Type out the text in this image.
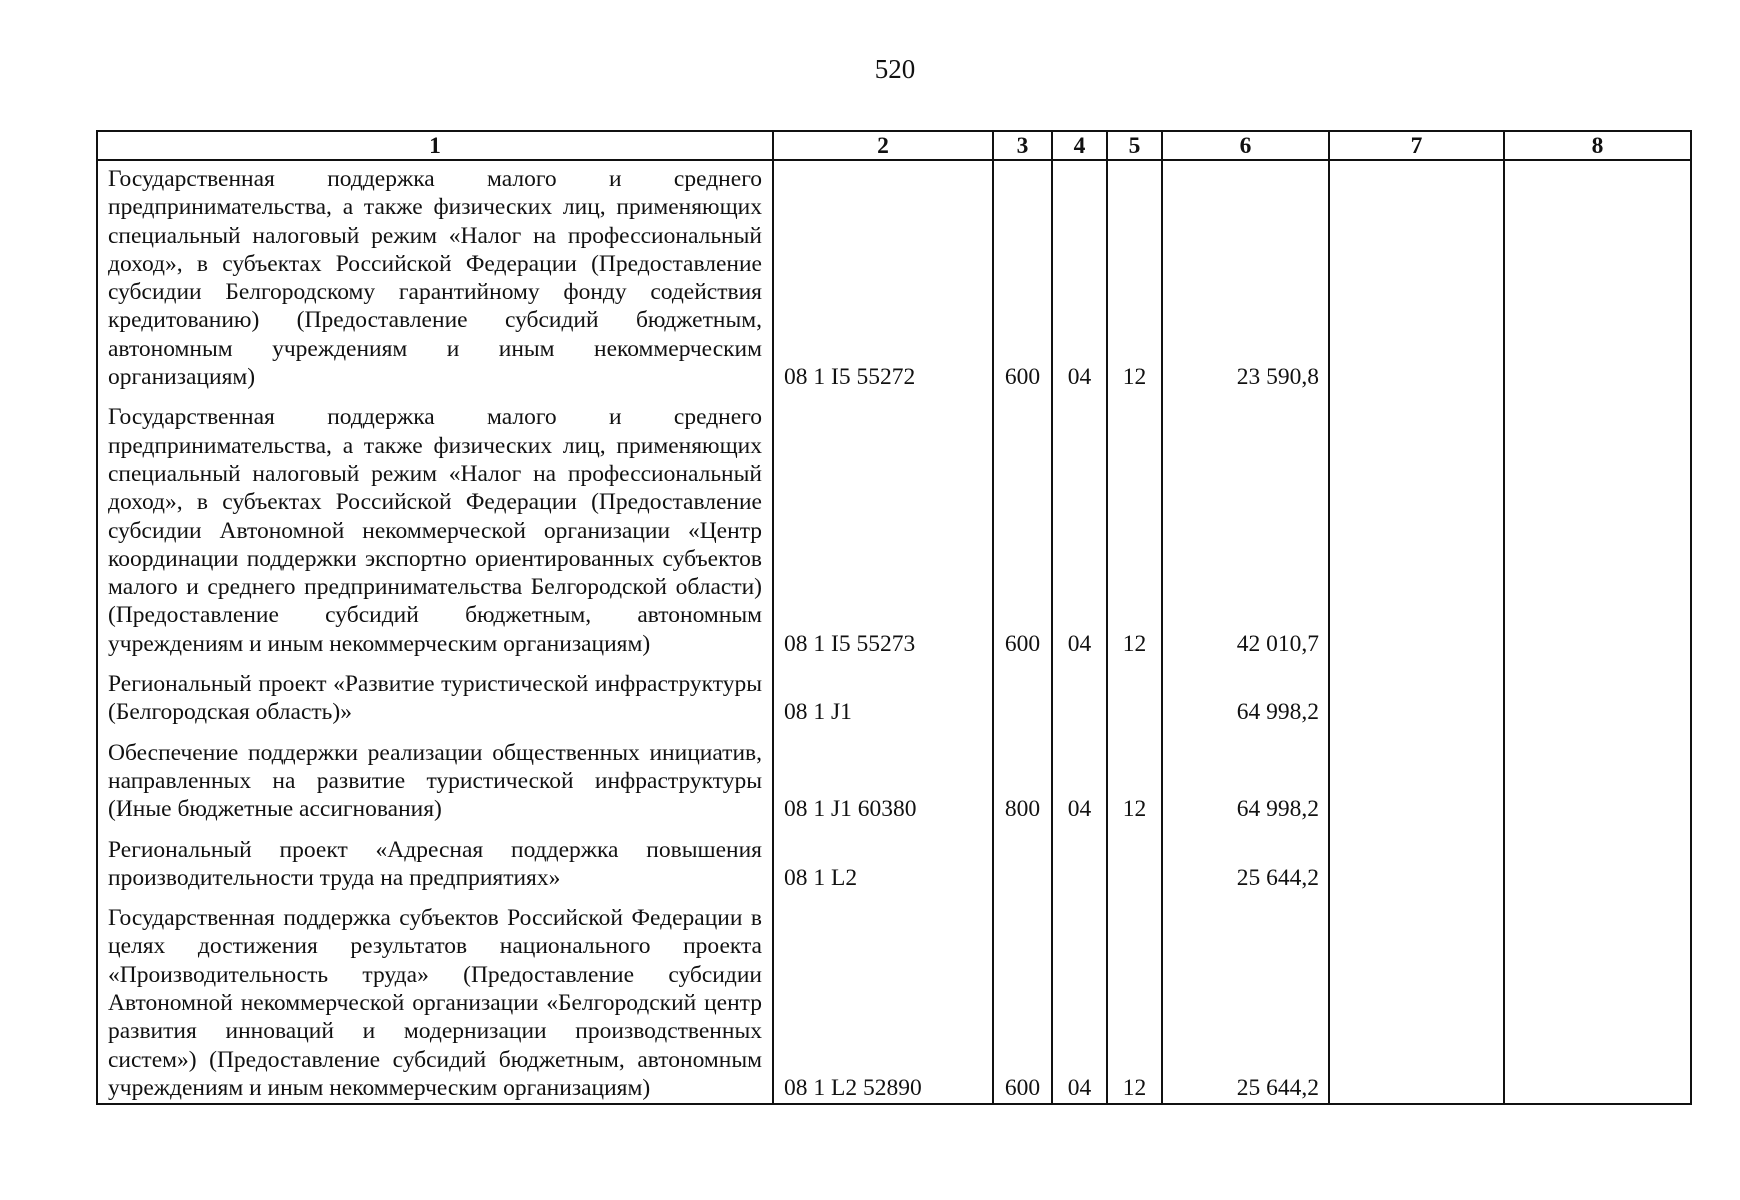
520
1	2	3	4	5	6	7	8
Государственная поддержка малого и среднего предпринимательства, а также физических лиц, применяющих специальный налоговый режим «Налог на профессиональный доход», в субъектах Российской Федерации (Предоставление субсидии Белгородскому гарантийному фонду содействия кредитованию) (Предоставление субсидий бюджетным, автономным учреждениям и иным некоммерческим организациям)	08 1 I5 55272	600	04	12	23 590,8		
Государственная поддержка малого и среднего предпринимательства, а также физических лиц, применяющих специальный налоговый режим «Налог на профессиональный доход», в субъектах Российской Федерации (Предоставление субсидии Автономной некоммерческой организации «Центр координации поддержки экспортно ориентированных субъектов малого и среднего предпринимательства Белгородской области) (Предоставление субсидий бюджетным, автономным учреждениям и иным некоммерческим организациям)	08 1 I5 55273	600	04	12	42 010,7		
Региональный проект «Развитие туристической инфраструктуры (Белгородская область)»	08 1 J1				64 998,2		
Обеспечение поддержки реализации общественных инициатив, направленных на развитие туристической инфраструктуры (Иные бюджетные ассигнования)	08 1 J1 60380	800	04	12	64 998,2		
Региональный проект «Адресная поддержка повышения производительности труда на предприятиях»	08 1 L2				25 644,2		
Государственная поддержка субъектов Российской Федерации в целях достижения результатов национального проекта «Производительность труда» (Предоставление субсидии Автономной некоммерческой организации «Белгородский центр развития инноваций и модернизации производственных систем») (Предоставление субсидий бюджетным, автономным учреждениям и иным некоммерческим организациям)	08 1 L2 52890	600	04	12	25 644,2		
